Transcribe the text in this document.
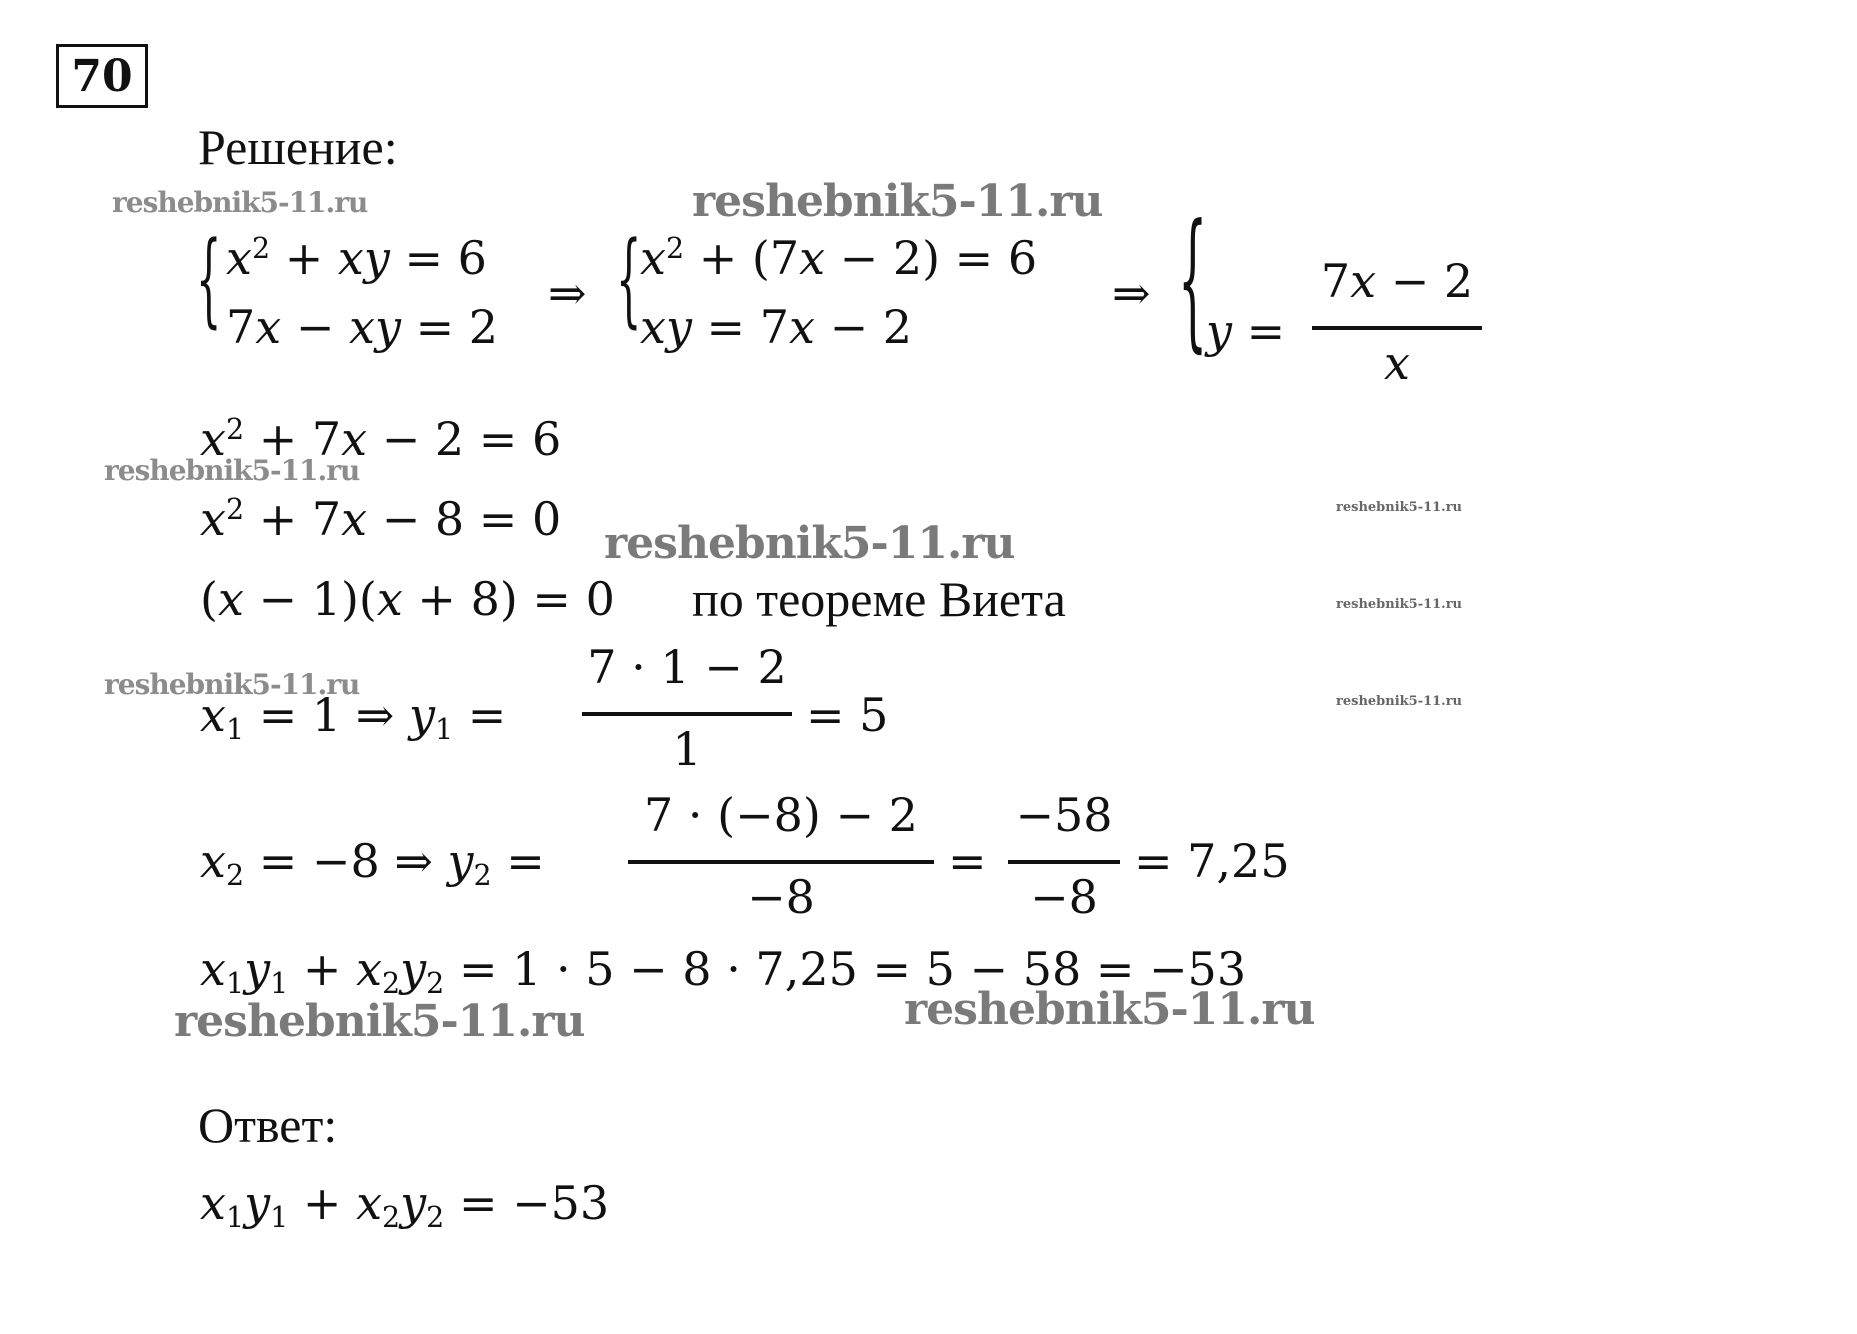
70
Решение:
reshebnik5-11.ru	reshebnik5-11.ru
reshebnik5-11.ru
reshebnik5-11.ru
reshebnik5-11.ru
reshebnik5-11.ru
reshebnik5-11.ru
reshebnik5-11.ru
reshebnik5-11.ru	reshebnik5-11.ru
{ $x^2$ + xy = 6
7x − xy = 2
⇒ {
$x^2 + (7x - 2) = 6$
xy = 7x − 2
⇒ {
y =
7x − 2
x
$x^2 + 7x - 2 = 6$
$x^2 + 7x - 8 = 0$
(x − 1)(x + 8) = 0 по теореме Виета
$x_1 = 1$ ⇒ $y_1$ =
7 · 1 − 2
1
= 5
$x_2 = -8$ ⇒ $y_2$ =
7 · (−8) − 2
−8
=
−58
−8
= 7,25
$x_1y_1 + x_2y_2 = 1 \cdot 5 - 8 \cdot 7,25 = 5 - 58 = -53$
Ответ:
$x_1y_1 + x_2y_2 = -53$
